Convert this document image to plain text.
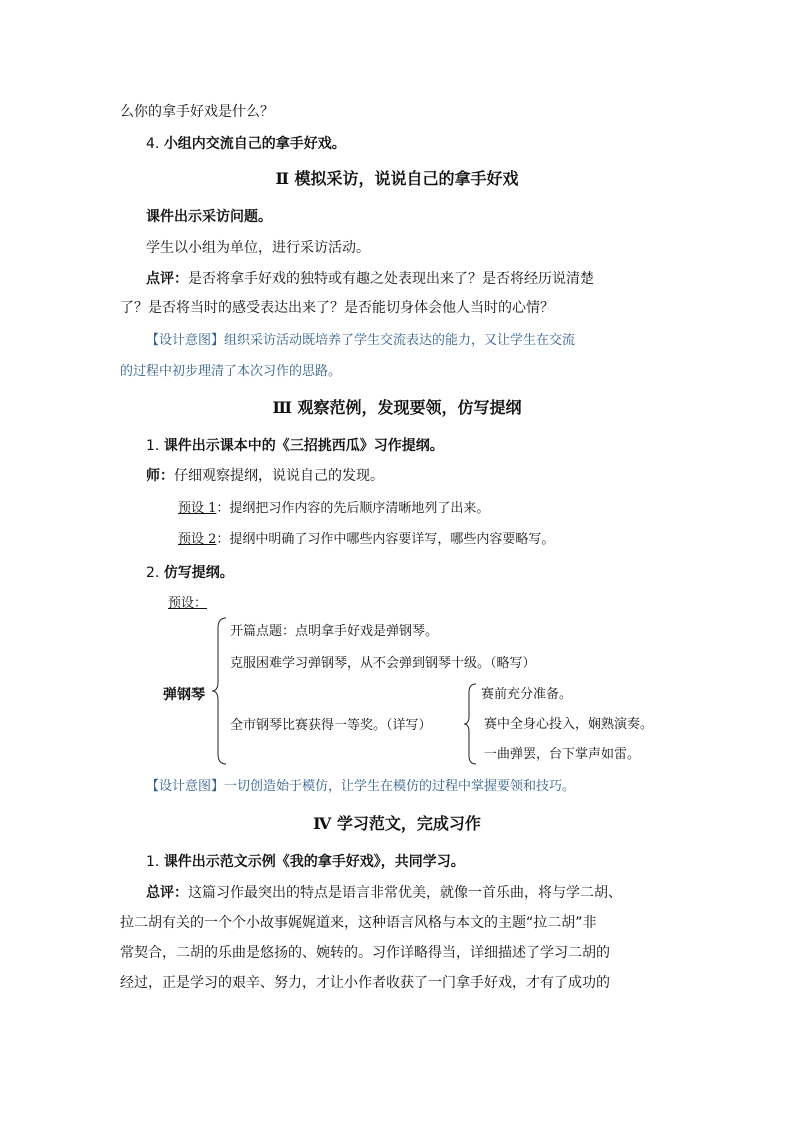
么你的拿手好戏是什么？
4. 小组内交流自己的拿手好戏。
Ⅱ 模拟采访，说说自己的拿手好戏
课件出示采访问题。
学生以小组为单位，进行采访活动。
点评：是否将拿手好戏的独特或有趣之处表现出来了？是否将经历说清楚
了？是否将当时的感受表达出来了？是否能切身体会他人当时的心情？
【设计意图】组织采访活动既培养了学生交流表达的能力，又让学生在交流
的过程中初步理清了本次习作的思路。
Ⅲ 观察范例，发现要领，仿写提纲
1. 课件出示课本中的《三招挑西瓜》习作提纲。
师：仔细观察提纲，说说自己的发现。
预设 1：提纲把习作内容的先后顺序清晰地列了出来。
预设 2：提纲中明确了习作中哪些内容要详写，哪些内容要略写。
2. 仿写提纲。
预设：
弹钢琴
开篇点题：点明拿手好戏是弹钢琴。
克服困难学习弹钢琴，从不会弹到钢琴十级。（略写）
全市钢琴比赛获得一等奖。（详写）
赛前充分准备。
赛中全身心投入，娴熟演奏。
一曲弹罢，台下掌声如雷。
【设计意图】一切创造始于模仿，让学生在模仿的过程中掌握要领和技巧。
Ⅳ 学习范文，完成习作
1. 课件出示范文示例《我的拿手好戏》，共同学习。
总评：这篇习作最突出的特点是语言非常优美，就像一首乐曲，将与学二胡、
拉二胡有关的一个个小故事娓娓道来，这种语言风格与本文的主题“拉二胡”非
常契合，二胡的乐曲是悠扬的、婉转的。习作详略得当，详细描述了学习二胡的
经过，正是学习的艰辛、努力，才让小作者收获了一门拿手好戏，才有了成功的
